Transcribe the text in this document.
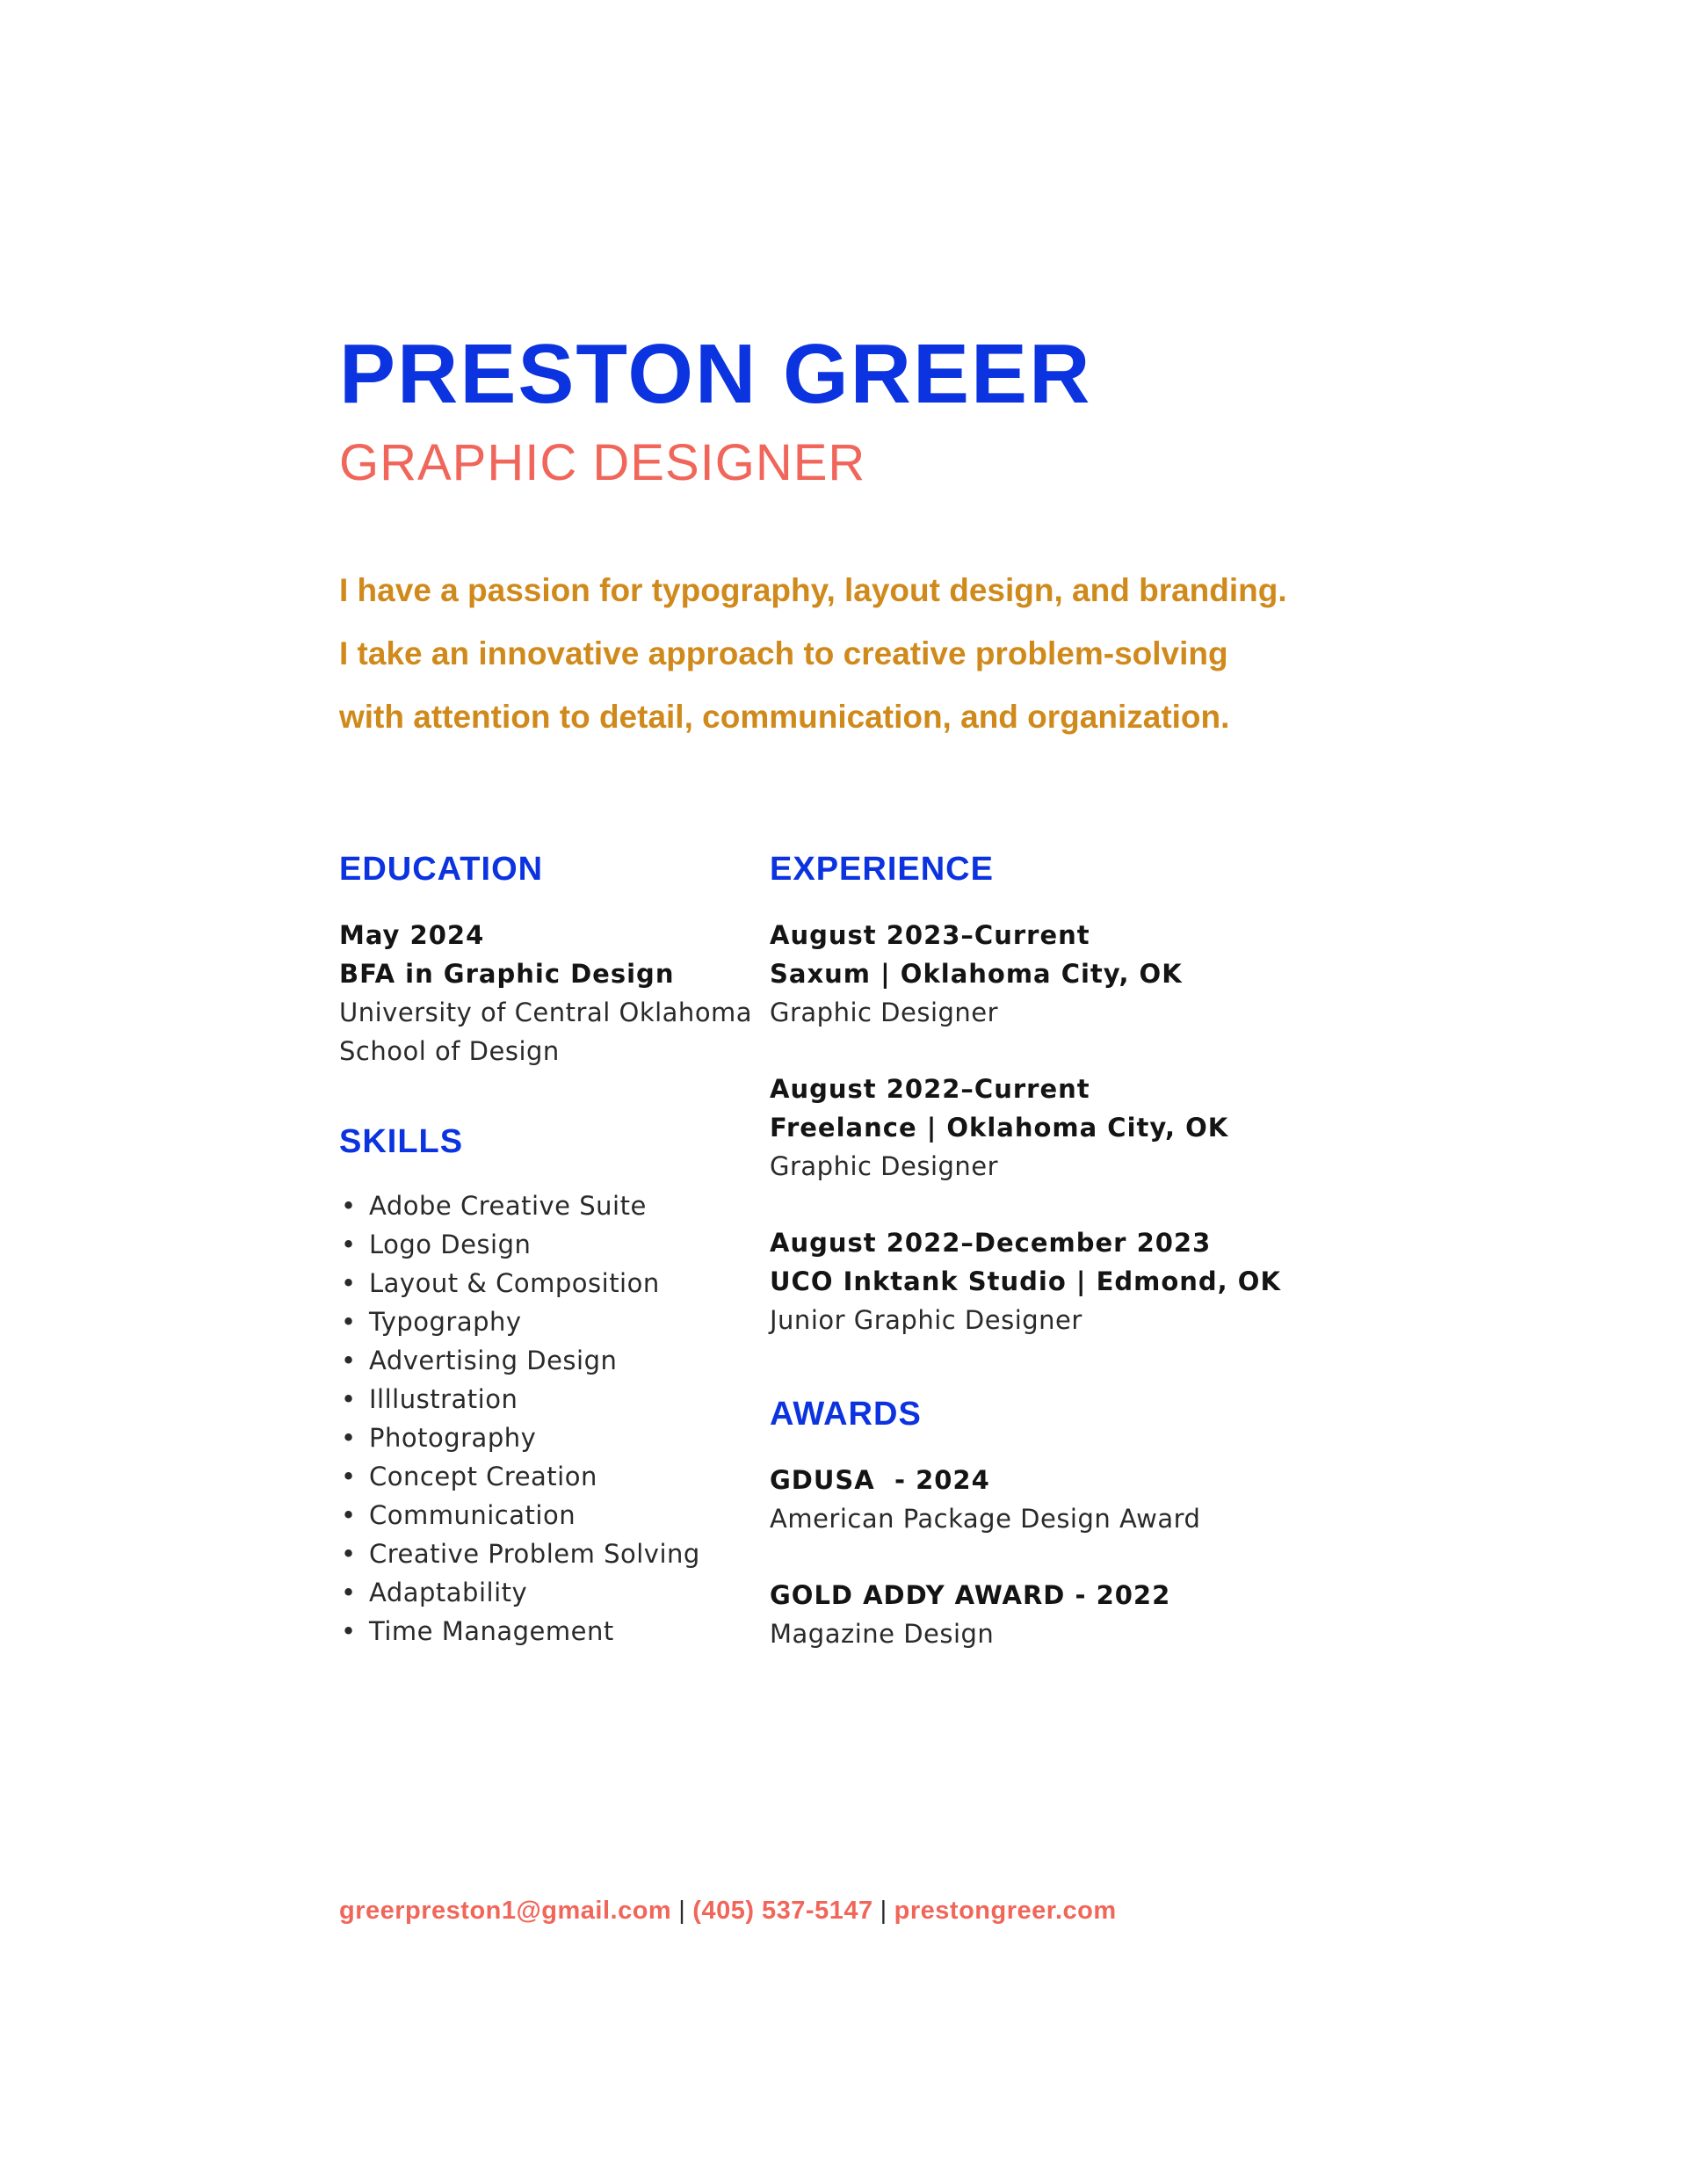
PRESTON GREER
GRAPHIC DESIGNER

I have a passion for typography, layout design, and branding.

I take an innovative approach to creative problem-solving

with attention to detail, communication, and organization.

EDUCATION

May 2024

BFA in Graphic Design

University of Central Oklahoma

School of Design

SKILLS
• Adobe Creative Suite
• Logo Design
• Layout & Composition
• Typography
• Advertising Design
• Illlustration
• Photography
• Concept Creation
• Communication
• Creative Problem Solving
• Adaptability
• Time Management
EXPERIENCE

August 2023–Current

Saxum | Oklahoma City, OK

Graphic Designer

August 2022–Current

Freelance | Oklahoma City, OK

Graphic Designer

August 2022–December 2023

UCO Inktank Studio | Edmond, OK

Junior Graphic Designer

AWARDS

GDUSA  - 2024

American Package Design Award

GOLD ADDY AWARD - 2022

Magazine Design

greerpreston1@gmail.com | (405) 537-5147 | prestongreer.com
